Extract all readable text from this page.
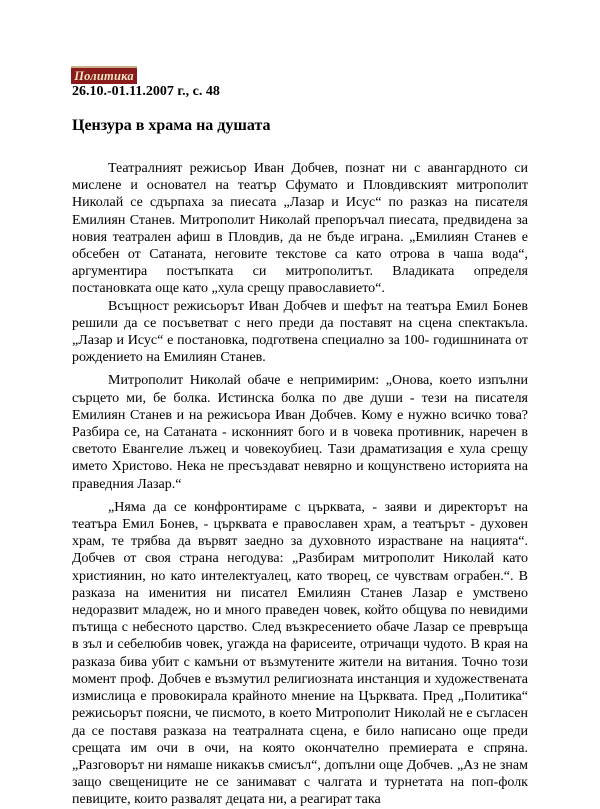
Политика
26.10.-01.11.2007 г., с. 48
Цензура в храма на душата

Театралният режисьор Иван Добчев, познат ни с авангардното си мислене и основател на театър Сфумато и Пловдивският митрополит Николай се сдърпаха за пиесата „Лазар и Исус“ по разказ на писателя Емилиян Станев. Митрополит Николай препоръчал пиесата, предвидена за новия театрален афиш в Пловдив, да не бъде играна. „Емилиян Станев е обсебен от Сатаната, неговите текстове са като отрова в чаша вода“, аргументира постъпката си митрополитът. Владиката определя постановката още като „хула срещу православието“.

Всъщност режисьорът Иван Добчев и шефът на театъра Емил Бонев решили да се посъветват с него преди да поставят на сцена спектакъла. „Лазар и Исус“ е постановка, подготвена специално за 100- годишнината от рождението на Емилиян Станев.

Митрополит Николай обаче е непримирим: „Онова, което изпълни сърцето ми, бе болка. Истинска болка по две души - тези на писателя Емилиян Станев и на режисьора Иван Добчев. Кому е нужно всичко това? Разбира се, на Сатаната - исконният бого и в човека противник, наречен в светото Евангелие лъжец и човекоубиец. Тази драматизация е хула срещу името Христово. Нека не пресъздават невярно и кощунствено историята на праведния Лазар.“

„Няма да се конфронтираме с църквата, - заяви и директорът на театъра Емил Бонев, - църквата е православен храм, а театърът - духовен храм, те трябва да вървят заедно за духовното израстване на нацията“. Добчев от своя страна негодува: „Разбирам митрополит Николай като християнин, но като интелектуалец, като творец, се чувствам ограбен.“. В разказа на именития ни писател Емилиян Станев Лазар е умствено недоразвит младеж, но и много праведен човек, който общува по невидими пътища с небесното царство. След възкресението обаче Лазар се превръща в зъл и себелюбив човек, угаждa на фарисеите, отричащи чудото. В края на разказа бива убит с камъни от възмутените жители на витания. Точно този момент проф. Добчев е възмутил религиозната инстанция и художествената измислица е провокирала крайното мнение на Църквата. Пред „Политика“ режисьорът поясни, че писмото, в което Митрополит Николай не е съгласен да се поставя разказа на театралната сцена, е било написано още преди срещата им очи в очи, на която окончателно премиерата е спряна. „Разговорът ни нямаше никакъв смисъл“, допълни още Добчев. „Аз не знам защо свещениците не се занимават с чалгата и турнетата на поп-фолк певиците, които развалят децата ни, а реагират така
